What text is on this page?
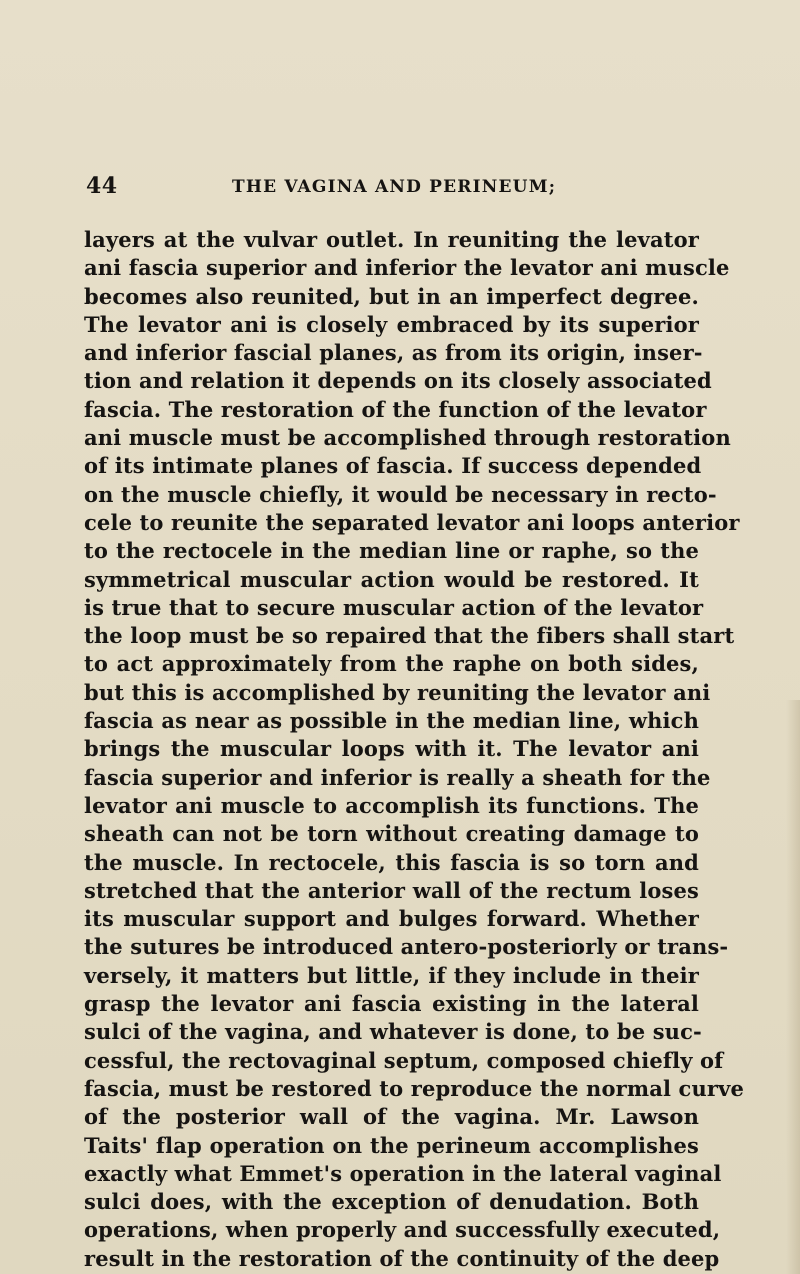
44	THE VAGINA AND PERINEUM;
layers at the vulvar outlet. In reuniting the levator
ani fascia superior and inferior the levator ani muscle
becomes also reunited, but in an imperfect degree.
The levator ani is closely embraced by its superior
and inferior fascial planes, as from its origin, inser-
tion and relation it depends on its closely associated
fascia. The restoration of the function of the levator
ani muscle must be accomplished through restoration
of its intimate planes of fascia. If success depended
on the muscle chiefly, it would be necessary in recto-
cele to reunite the separated levator ani loops anterior
to the rectocele in the median line or raphe, so the
symmetrical muscular action would be restored. It
is true that to secure muscular action of the levator
the loop must be so repaired that the fibers shall start
to act approximately from the raphe on both sides,
but this is accomplished by reuniting the levator ani
fascia as near as possible in the median line, which
brings the muscular loops with it. The levator ani
fascia superior and inferior is really a sheath for the
levator ani muscle to accomplish its functions. The
sheath can not be torn without creating damage to
the muscle. In rectocele, this fascia is so torn and
stretched that the anterior wall of the rectum loses
its muscular support and bulges forward. Whether
the sutures be introduced antero-posteriorly or trans-
versely, it matters but little, if they include in their
grasp the levator ani fascia existing in the lateral
sulci of the vagina, and whatever is done, to be suc-
cessful, the rectovaginal septum, composed chiefly of
fascia, must be restored to reproduce the normal curve
of the posterior wall of the vagina. Mr. Lawson
Taits' flap operation on the perineum accomplishes
exactly what Emmet's operation in the lateral vaginal
sulci does, with the exception of denudation. Both
operations, when properly and successfully executed,
result in the restoration of the continuity of the deep
